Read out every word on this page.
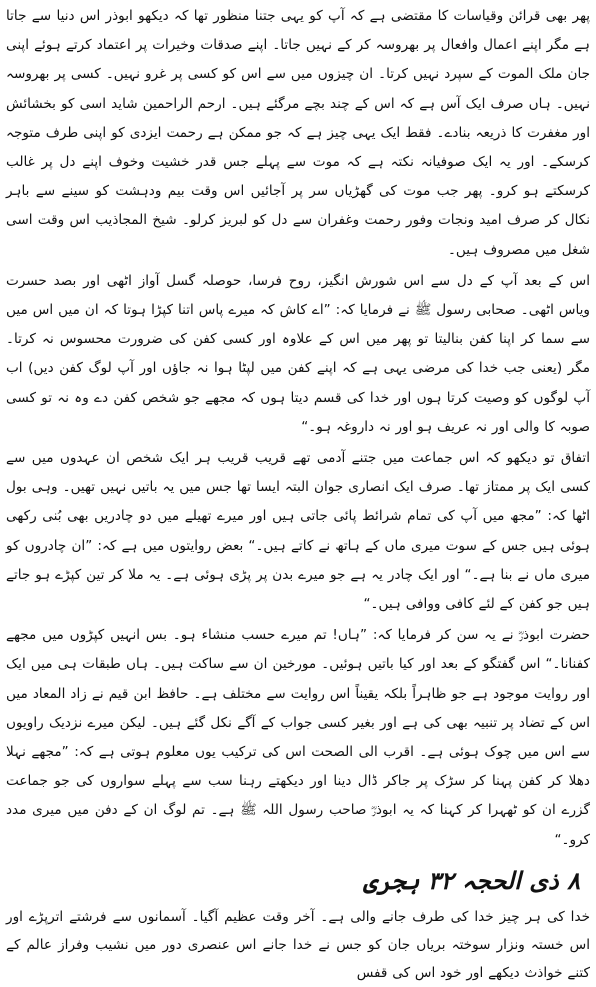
پھر بھی قرائن وقیاسات کا مقتضی ہے کہ آپ کو یہی جتنا منظور تھا کہ دیکھو ابوذر اس دنیا سے جاتا ہے مگر اپنے اعمال وافعال پر بھروسہ کر کے نہیں جاتا۔ اپنے صدقات وخیرات پر اعتماد کرتے ہوئے اپنی جان ملک الموت کے سپرد نہیں کرتا۔ ان چیزوں میں سے اس کو کسی پر غرو نہیں۔ کسی پر بھروسہ نہیں۔ ہاں صرف ایک آس ہے کہ اس کے چند بچے مرگئے ہیں۔ ارحم الراحمین شاید اسی کو بخشائش اور مغفرت کا ذریعہ بنادے۔ فقط ایک یہی چیز ہے کہ جو ممکن ہے رحمت ایزدی کو اپنی طرف متوجہ کرسکے۔ اور یہ ایک صوفیانہ نکتہ ہے کہ موت سے پہلے جس قدر خشیت وخوف اپنے دل پر غالب کرسکتے ہو کرو۔ پھر جب موت کی گھڑیاں سر پر آجائیں اس وقت بیم ودہشت کو سینے سے باہر نکال کر صرف امید ونجات وفور رحمت وغفران سے دل کو لبریز کرلو۔ شیخ المجاذیب اس وقت اسی شغل میں مصروف ہیں۔

اس کے بعد آپ کے دل سے اس شورش انگیز، روح فرسا، حوصلہ گسل آواز اٹھی اور بصد حسرت ویاس اٹھی۔ صحابی رسول ﷺ نے فرمایا کہ: ”اے کاش کہ میرے پاس اتنا کپڑا ہوتا کہ ان میں اس میں سے سما کر اپنا کفن بنالیتا تو پھر میں اس کے علاوہ اور کسی کفن کی ضرورت محسوس نہ کرتا۔ مگر (یعنی جب خدا کی مرضی یہی ہے کہ اپنے کفن میں لپٹا ہوا نہ جاؤں اور آپ لوگ کفن دیں) اب آپ لوگوں کو وصیت کرتا ہوں اور خدا کی قسم دیتا ہوں کہ مجھے جو شخص کفن دے وہ نہ تو کسی صوبہ کا والی اور نہ عریف ہو اور نہ داروغہ ہو۔“

اتفاق تو دیکھو کہ اس جماعت میں جتنے آدمی تھے قریب قریب ہر ایک شخص ان عہدوں میں سے کسی ایک پر ممتاز تھا۔ صرف ایک انصاری جوان البتہ ایسا تھا جس میں یہ باتیں نہیں تھیں۔ وہی بول اٹھا کہ: ”مجھ میں آپ کی تمام شرائط پائی جاتی ہیں اور میرے تھیلے میں دو چادریں بھی بُنی رکھی ہوئی ہیں جس کے سوت میری ماں کے ہاتھ نے کاتے ہیں۔“ بعض روایتوں میں ہے کہ: ”ان چادروں کو میری ماں نے بنا ہے۔“ اور ایک چادر یہ ہے جو میرے بدن پر پڑی ہوئی ہے۔ یہ ملا کر تین کپڑے ہو جاتے ہیں جو کفن کے لئے کافی ووافی ہیں۔“

حضرت ابوذرؓ نے یہ سن کر فرمایا کہ: ”ہاں! تم میرے حسب منشاء ہو۔ بس انہیں کپڑوں میں مجھے کفنانا۔“ اس گفتگو کے بعد اور کیا باتیں ہوئیں۔ مورخین ان سے ساکت ہیں۔ ہاں طبقات ہی میں ایک اور روایت موجود ہے جو ظاہراً بلکہ یقیناً اس روایت سے مختلف ہے۔ حافظ ابن قیم نے زاد المعاد میں اس کے تضاد پر تنبیہ بھی کی ہے اور بغیر کسی جواب کے آگے نکل گئے ہیں۔ لیکن میرے نزدیک راویوں سے اس میں چوک ہوئی ہے۔ اقرب الی الصحت اس کی ترکیب یوں معلوم ہوتی ہے کہ: ”مجھے نہلا دھلا کر کفن پہنا کر سڑک پر جاکر ڈال دینا اور دیکھتے رہنا سب سے پہلے سواروں کی جو جماعت گزرے ان کو ٹھہرا کر کہنا کہ یہ ابوذرؓ صاحب رسول اللہ ﷺ ہے۔ تم لوگ ان کے دفن میں میری مدد کرو۔“

۸ ذی الحجہ ۳۲ ہجری

خدا کی ہر چیز خدا کی طرف جانے والی ہے۔ آخر وقت عظیم آگیا۔ آسمانوں سے فرشتے اترپڑے اور اس خستہ ونزار سوختہ بریاں جان کو جس نے خدا جانے اس عنصری دور میں نشیب وفراز عالم کے کتنے خواذث دیکھے اور خود اس کی قفس
